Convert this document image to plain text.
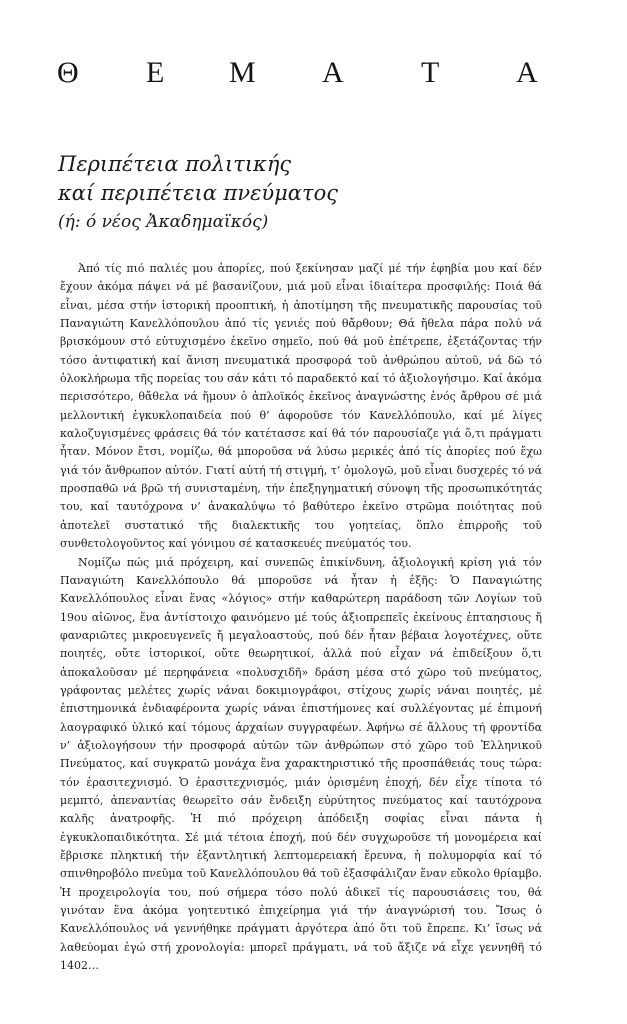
Θ Ε Μ Α	Τ	Α
Περιπέτεια πολιτικής
καί περιπέτεια πνεύματος
(ή: ό νέος Ἀκαδημαϊκός)

Ἀπό τίς πιό παλιές μου ἀπορίες, πού ξεκίνησαν μαζί μέ τήν ἐφηβία μου καί δέν ἔχουν ἀκόμα πάψει νά μέ βασανίζουν, μιά μοῦ εἶναι ἰδιαίτερα προσφιλής: Ποιά θά εἶναι, μέσα στήν ἱστορική προοπτική, ἡ ἀποτίμηση τῆς πνευματικῆς παρουσίας τοῦ Παναγιώτη Κανελλόπουλου ἀπό τίς γενιές πού θἄρθουν; Θά ἤθελα πάρα πολύ νά βρισκόμουν στό εὐτυχισμένο ἐκεῖνο σημεῖο, πού θά μοῦ ἐπέτρεπε, ἐξετάζοντας τήν τόσο ἀντιφατική καί ἄνιση πνευματικά προσφορά τοῦ ἀνθρώπου αὐτοῦ, νά δῶ τό ὁλοκλήρωμα τῆς πορείας του σάν κάτι τό παραδεκτό καί τό ἀξιολογήσιμο. Καί ἀκόμα περισσότερο, θἄθελα νά ἤμουν ὁ ἁπλοϊκός ἐκεῖνος ἀναγνώστης ἑνός ἄρθρου σέ μιά μελλοντική ἐγκυκλοπαιδεία πού θ’ ἀφοροῦσε τόν Κανελλόπουλο, καί μέ λίγες καλοζυγισμένες φράσεις θά τόν κατέτασσε καί θά τόν παρουσίαζε γιά ὅ,τι πράγματι ἦταν. Μόνον ἔτσι, νομίζω, θά μποροῦσα νά λύσω μερικές ἀπό τίς ἀπορίες πού ἔχω γιά τόν ἄνθρωπον αὐτόν. Γιατί αὐτή τή στιγμή, τ’ ὁμολογῶ, μοῦ εἶναι δυσχερές τό νά προσπαθῶ νά βρῶ τή συνισταμένη, τήν ἐπεξηγηματική σύνοψη τῆς προσωπικότητάς του, καί ταυτόχρονα ν’ ἀνακαλύψω τό βαθύτερο ἐκεῖνο στρῶμα ποιότητας πού ἀποτελεῖ συστατικό τῆς διαλεκτικῆς του γοητείας, ὅπλο ἐπιρροῆς τοῦ συνθετολογοῦντος καί γόνιμου σέ κατασκευές πνεύματός του.

Νομίζω πώς μιά πρόχειρη, καί συνεπῶς ἐπικίνδυνη, ἀξιολογική κρίση γιά τόν Παναγιώτη Κανελλόπουλο θά μποροῦσε νά ἦταν ἡ ἑξῆς: Ὁ Παναγιώτης Κανελλόπουλος εἶναι ἕνας «λόγιος» στήν καθαρώτερη παράδοση τῶν Λογίων τοῦ 19ου αἰῶνος, ἕνα ἀντίστοιχο φαινόμενο μέ τούς ἀξιοπρεπεῖς ἐκείνους ἐπταησιους ἤ φαναριῶτες μικροευγενεῖς ἤ μεγαλοαστούς, πού δέν ἦταν βέβαια λογοτέχνες, οὔτε ποιητές, οὔτε ἱστορικοί, οὔτε θεωρητικοί, ἀλλά πού εἶχαν νά ἐπιδείξουν ὅ,τι ἀποκαλοῦσαν μέ περηφάνεια «πολυσχιδῆ» δράση μέσα στό χῶρο τοῦ πνεύματος, γράφοντας μελέτες χωρίς νάναι δοκιμιογράφοι, στίχους χωρίς νάναι ποιητές, μέ ἐπιστημονικά ἐνδιαφέροντα χωρίς νάναι ἐπιστήμονες καί συλλέγοντας μέ ἐπιμονή λαογραφικό ὑλικό καί τόμους ἀρχαίων συγγραφέων. Ἀφήνω σέ ἄλλους τή φροντίδα ν’ ἀξιολογήσουν τήν προσφορά αὐτῶν τῶν ἀνθρώπων στό χῶρο τοῦ Ἑλληνικοῦ Πνεύματος, καί συγκρατῶ μονάχα ἕνα χαρακτηριστικό τῆς προσπάθειάς τους τώρα: τόν ἐρασιτεχνισμό. Ὁ ἐρασιτεχνισμός, μιάν ὁρισμένη ἐποχή, δέν εἶχε τίποτα τό μεμπτό, ἀπεναντίας θεωρεῖτο σάν ἔνδειξη εὐρύτητος πνεύματος καί ταυτόχρονα καλῆς ἀνατροφῆς. Ἡ πιό πρόχειρη ἀπόδειξη σοφίας εἶναι πάντα ἡ ἐγκυκλοπαιδικότητα. Σέ μιά τέτοια ἐποχή, πού δέν συγχωροῦσε τή μονομέρεια καί ἔβρισκε πληκτική τήν ἐξαντλητική λεπτομερειακή ἔρευνα, ἡ πολυμορφία καί τό σπινθηροβόλο πνεῦμα τοῦ Κανελλόπουλου θά τοῦ ἐξασφάλιζαν ἕναν εὔκολο θρίαμβο. Ἡ προχειρολογία του, πού σήμερα τόσο πολύ ἀδικεῖ τίς παρουσιάσεις του, θά γινόταν ἕνα ἀκόμα γοητευτικό ἐπιχείρημα γιά τήν ἀναγνώρισή του. Ἴσως ὁ Κανελλόπουλος νά γεννήθηκε πράγματι ἀργότερα ἀπό ὅτι τοῦ ἔπρεπε. Κι’ ἴσως νά λαθεύομαι ἐγώ στή χρονολογία: μπορεῖ πράγματι, νά τοῦ ἄξιζε νά εἶχε γεννηθῆ τό 1402…
